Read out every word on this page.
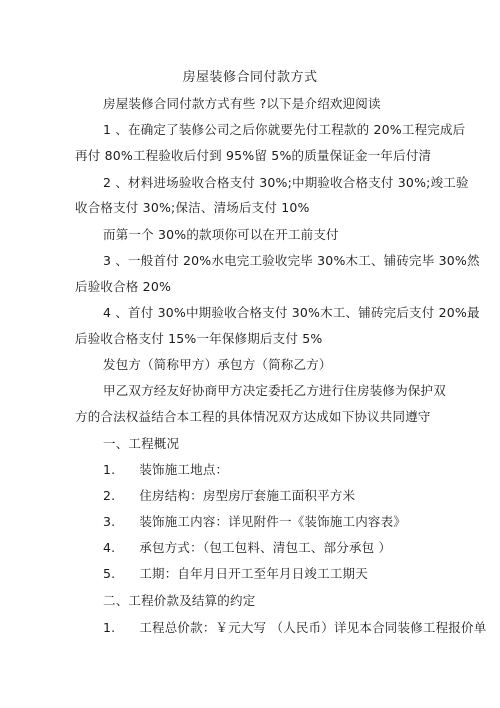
房屋装修合同付款方式
房屋装修合同付款方式有些 ?以下是介绍欢迎阅读
1 、在确定了装修公司之后你就要先付工程款的 20%工程完成后
再付 80%工程验收后付到 95%留 5%的质量保证金一年后付清
2 、材料进场验收合格支付 30%;中期验收合格支付 30%;竣工验
收合格支付 30%;保洁、清场后支付 10%
而第一个 30%的款项你可以在开工前支付
3 、一般首付 20%水电完工验收完毕 30%木工、铺砖完毕 30%然
后验收合格 20%
4 、首付 30%中期验收合格支付 30%木工、铺砖完后支付 20%最
后验收合格支付 15%一年保修期后支付 5%
发包方（简称甲方）承包方（简称乙方）
甲乙双方经友好协商甲方决定委托乙方进行住房装修为保护双
方的合法权益结合本工程的具体情况双方达成如下协议共同遵守
一、工程概况
1. 装饰施工地点：
2. 住房结构：房型房厅套施工面积平方米
3. 装饰施工内容：详见附件一《装饰施工内容表》
4. 承包方式：（包工包料、清包工、部分承包 ）
5. 工期：自年月日开工至年月日竣工工期天
二、工程价款及结算的约定
1. 工程总价款：￥元大写 （人民币）详见本合同装修工程报价单
